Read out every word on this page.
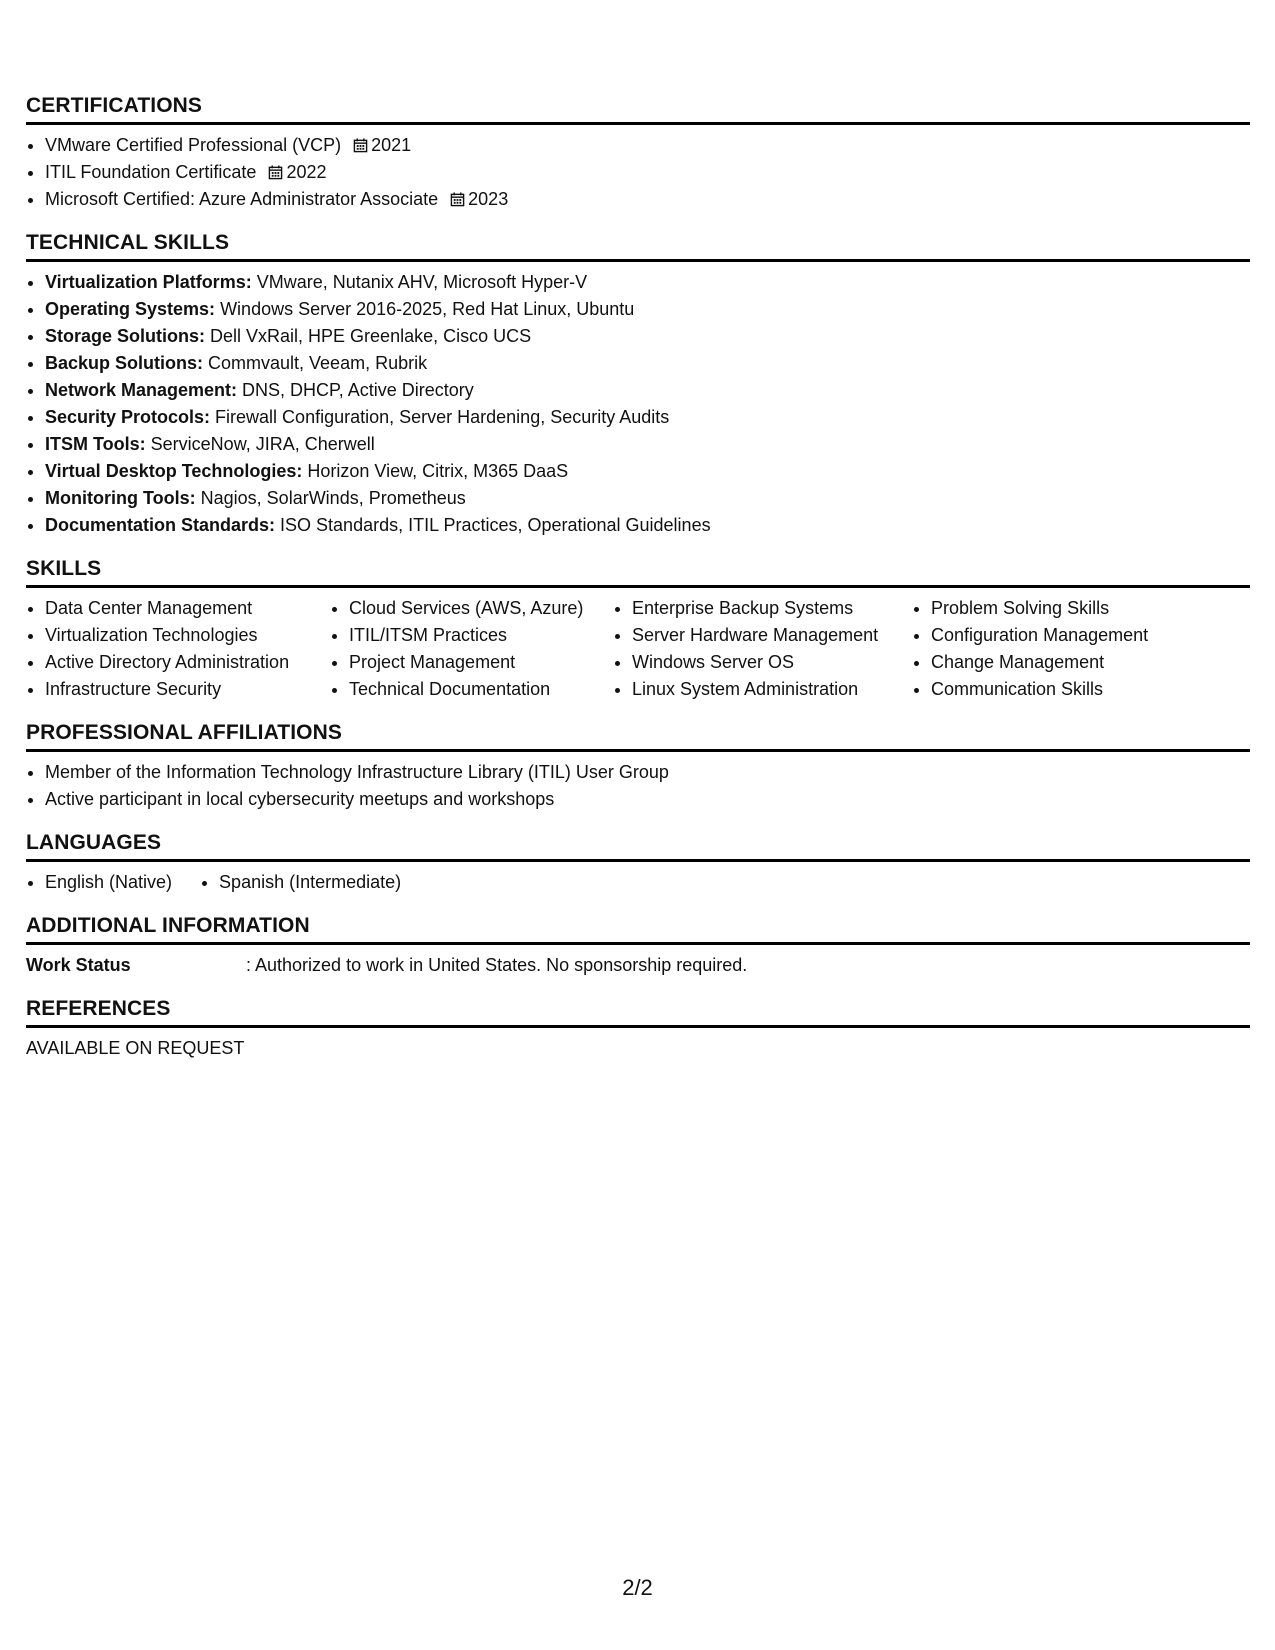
CERTIFICATIONS
• VMware Certified Professional (VCP) 2021
• ITIL Foundation Certificate 2022
• Microsoft Certified: Azure Administrator Associate 2023
TECHNICAL SKILLS
• Virtualization Platforms: VMware, Nutanix AHV, Microsoft Hyper-V
• Operating Systems: Windows Server 2016-2025, Red Hat Linux, Ubuntu
• Storage Solutions: Dell VxRail, HPE Greenlake, Cisco UCS
• Backup Solutions: Commvault, Veeam, Rubrik
• Network Management: DNS, DHCP, Active Directory
• Security Protocols: Firewall Configuration, Server Hardening, Security Audits
• ITSM Tools: ServiceNow, JIRA, Cherwell
• Virtual Desktop Technologies: Horizon View, Citrix, M365 DaaS
• Monitoring Tools: Nagios, SolarWinds, Prometheus
• Documentation Standards: ISO Standards, ITIL Practices, Operational Guidelines
SKILLS
• Data Center Management
• Virtualization Technologies
• Active Directory Administration
• Infrastructure Security
• Cloud Services (AWS, Azure)
• ITIL/ITSM Practices
• Project Management
• Technical Documentation
• Enterprise Backup Systems
• Server Hardware Management
• Windows Server OS
• Linux System Administration
• Problem Solving Skills
• Configuration Management
• Change Management
• Communication Skills
PROFESSIONAL AFFILIATIONS
• Member of the Information Technology Infrastructure Library (ITIL) User Group
• Active participant in local cybersecurity meetups and workshops
LANGUAGES
• English (Native)
•	Spanish (Intermediate)
ADDITIONAL INFORMATION
Work Status	: Authorized to work in United States. No sponsorship required.
REFERENCES

AVAILABLE ON REQUEST

2/2
